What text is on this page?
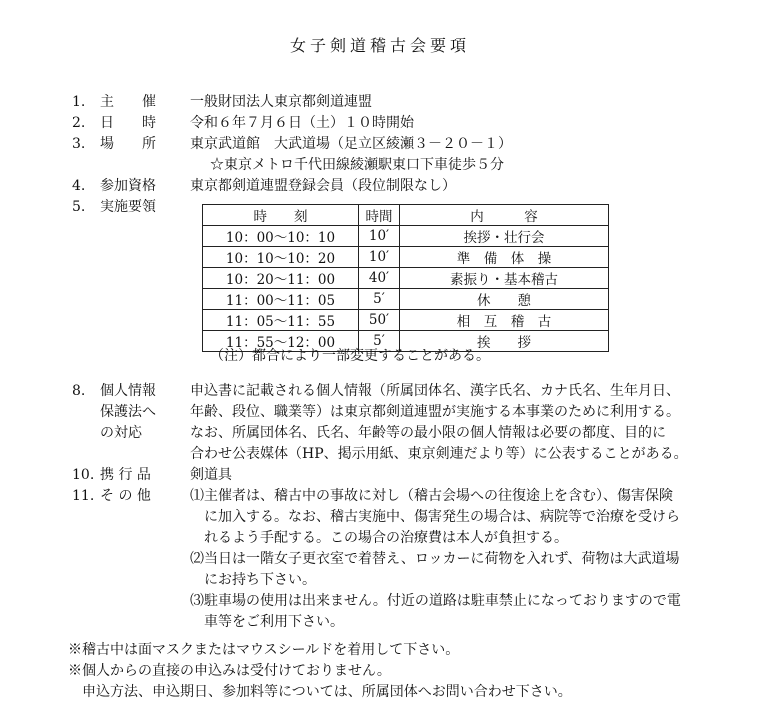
女子剣道稽古会要項
1.	主　　催	一般財団法人東京都剣道連盟
2.	日　　時	令和６年７月６日（土）１０時開始
3.	場　　所	東京武道館　大武道場（足立区綾瀬３－２０－１）
☆東京メトロ千代田線綾瀬駅東口下車徒歩５分
4.	参加資格	東京都剣道連盟登録会員（段位制限なし）
5.	実施要領
時　　刻	時間	内　　　容
10：00〜10：10	10′	挨拶・壮行会
10：10〜10：20	10′	準　備　体　操
10：20〜11：00	40′	素振り・基本稽古
11：00〜11：05	5′	休　　憩
11：05〜11：55	50′	相　互　稽　古
11：55〜12：00	5′	挨　　拶
（注）都合により一部変更することがある。
8.	個人情報
保護法へ
の対応
申込書に記載される個人情報（所属団体名、漢字氏名、カナ氏名、生年月日、
年齢、段位、職業等）は東京都剣道連盟が実施する本事業のために利用する。
なお、所属団体名、氏名、年齢等の最小限の個人情報は必要の都度、目的に
合わせ公表媒体（HP、掲示用紙、東京剣連だより等）に公表することがある。
10. 携 行 品	剣道具
11. そ の 他	⑴主催者は、稽古中の事故に対し（稽古会場への往復途上を含む）、傷害保険
　に加入する。なお、稽古実施中、傷害発生の場合は、病院等で治療を受けら
　れるよう手配する。この場合の治療費は本人が負担する。
⑵当日は一階女子更衣室で着替え、ロッカーに荷物を入れず、荷物は大武道場
　にお持ち下さい。
⑶駐車場の使用は出来ません。付近の道路は駐車禁止になっておりますので電
　車等をご利用下さい。
※稽古中は面マスクまたはマウスシールドを着用して下さい。
※個人からの直接の申込みは受付けておりません。
　申込方法、申込期日、参加料等については、所属団体へお問い合わせ下さい。
